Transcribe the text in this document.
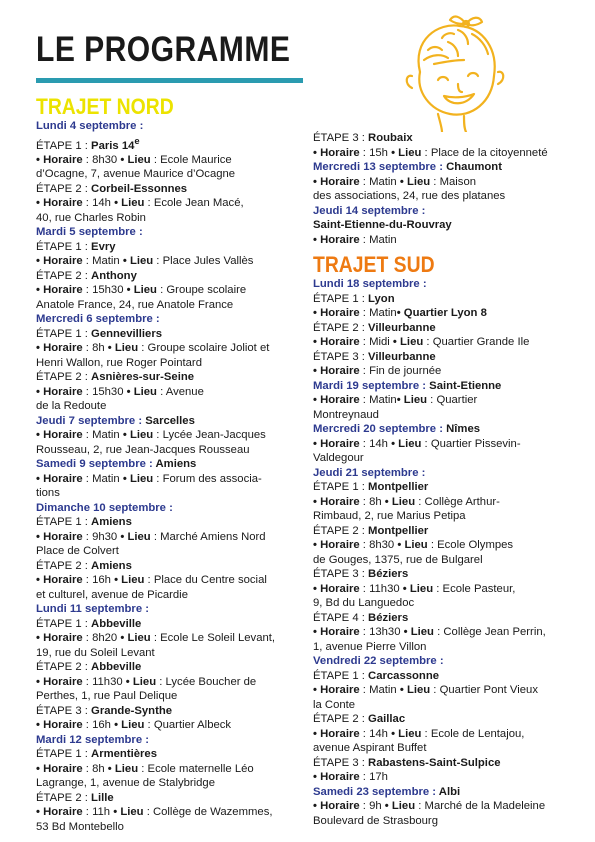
LE PROGRAMME
TRAJET NORD
Lundi 4 septembre :
ÉTAPE 1 : Paris 14e
• Horaire : 8h30 • Lieu : Ecole Maurice
d’Ocagne, 7, avenue Maurice d’Ocagne
ÉTAPE 2 : Corbeil-Essonnes
• Horaire : 14h • Lieu : Ecole Jean Macé,
40, rue Charles Robin
Mardi 5 septembre :
ÉTAPE 1 : Evry
• Horaire : Matin • Lieu : Place Jules Vallès
ÉTAPE 2 : Anthony
• Horaire : 15h30 • Lieu : Groupe scolaire
Anatole France, 24, rue Anatole France
Mercredi 6 septembre :
ÉTAPE 1 : Gennevilliers
• Horaire : 8h • Lieu : Groupe scolaire Joliot et
Henri Wallon, rue Roger Pointard
ÉTAPE 2 : Asnières-sur-Seine
• Horaire : 15h30 • Lieu : Avenue
de la Redoute
Jeudi 7 septembre : Sarcelles
• Horaire : Matin • Lieu : Lycée Jean-Jacques
Rousseau, 2, rue Jean-Jacques Rousseau
Samedi 9 septembre : Amiens
• Horaire : Matin • Lieu : Forum des associa-
tions
Dimanche 10 septembre :
ÉTAPE 1 : Amiens
• Horaire : 9h30 • Lieu : Marché Amiens Nord
Place de Colvert
ÉTAPE 2 : Amiens
• Horaire : 16h • Lieu : Place du Centre social
et culturel, avenue de Picardie
Lundi 11 septembre :
ÉTAPE 1 : Abbeville
• Horaire : 8h20 • Lieu : Ecole Le Soleil Levant,
19, rue du Soleil Levant
ÉTAPE 2 : Abbeville
• Horaire : 11h30 • Lieu : Lycée Boucher de
Perthes, 1, rue Paul Delique
ÉTAPE 3 : Grande-Synthe
• Horaire : 16h • Lieu : Quartier Albeck
Mardi 12 septembre :
ÉTAPE 1 : Armentières
• Horaire : 8h • Lieu : Ecole maternelle Léo
Lagrange, 1, avenue de Stalybridge
ÉTAPE 2 : Lille
• Horaire : 11h • Lieu : Collège de Wazemmes,
53 Bd Montebello
ÉTAPE 3 : Roubaix
• Horaire : 15h • Lieu : Place de la citoyenneté
Mercredi 13 septembre : Chaumont
• Horaire : Matin • Lieu : Maison
des associations, 24, rue des platanes
Jeudi 14 septembre :
Saint-Etienne-du-Rouvray
• Horaire : Matin
TRAJET SUD
Lundi 18 septembre :
ÉTAPE 1 : Lyon
• Horaire : Matin• Quartier Lyon 8
ÉTAPE 2 : Villeurbanne
• Horaire : Midi • Lieu : Quartier Grande Ile
ÉTAPE 3 : Villeurbanne
• Horaire : Fin de journée
Mardi 19 septembre : Saint-Etienne
• Horaire : Matin• Lieu : Quartier
Montreynaud
Mercredi 20 septembre : Nîmes
• Horaire : 14h • Lieu : Quartier Pissevin-
Valdegour
Jeudi 21 septembre :
ÉTAPE 1 : Montpellier
• Horaire : 8h • Lieu : Collège Arthur-
Rimbaud, 2, rue Marius Petipa
ÉTAPE 2 : Montpellier
• Horaire : 8h30 • Lieu : Ecole Olympes
de Gouges, 1375, rue de Bulgarel
ÉTAPE 3 : Béziers
• Horaire : 11h30 • Lieu : Ecole Pasteur,
9, Bd du Languedoc
ÉTAPE 4 : Béziers
• Horaire : 13h30 • Lieu : Collège Jean Perrin,
1, avenue Pierre Villon
Vendredi 22 septembre :
ÉTAPE 1 : Carcassonne
• Horaire : Matin • Lieu : Quartier Pont Vieux
la Conte
ÉTAPE 2 : Gaillac
• Horaire : 14h • Lieu : Ecole de Lentajou,
avenue Aspirant Buffet
ÉTAPE 3 : Rabastens-Saint-Sulpice
• Horaire : 17h
Samedi 23 septembre : Albi
• Horaire : 9h • Lieu : Marché de la Madeleine
Boulevard de Strasbourg
